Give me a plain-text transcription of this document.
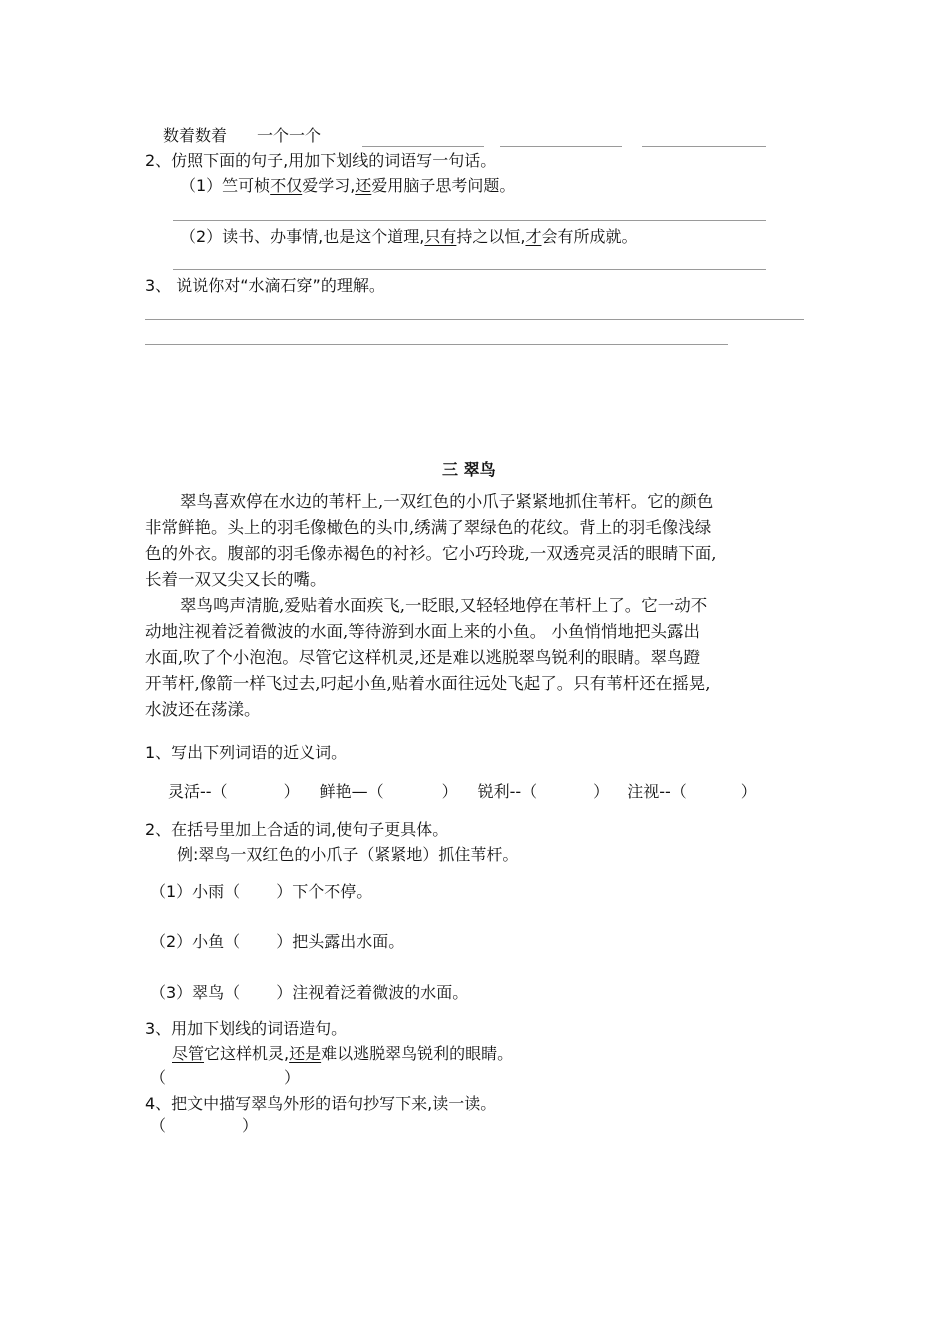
数着数着 一个一个
2、仿照下面的句子,用加下划线的词语写一句话。
（1）竺可桢不仅爱学习,还爱用脑子思考问题。
（2）读书、办事情,也是这个道理,只有持之以恒,才会有所成就。
3、 说说你对“水滴石穿”的理解。
三 翠鸟
翠鸟喜欢停在水边的苇杆上,一双红色的小爪子紧紧地抓住苇杆。它的颜色
非常鲜艳。头上的羽毛像橄色的头巾,绣满了翠绿色的花纹。背上的羽毛像浅绿
色的外衣。腹部的羽毛像赤褐色的衬衫。它小巧玲珑,一双透亮灵活的眼睛下面,
长着一双又尖又长的嘴。
翠鸟鸣声清脆,爱贴着水面疾飞,一眨眼,又轻轻地停在苇杆上了。它一动不
动地注视着泛着微波的水面,等待游到水面上来的小鱼。 小鱼悄悄地把头露出
水面,吹了个小泡泡。尽管它这样机灵,还是难以逃脱翠鸟锐利的眼睛。翠鸟蹬
开苇杆,像箭一样飞过去,叼起小鱼,贴着水面往远处飞起了。只有苇杆还在摇晃,
水波还在荡漾。
1、写出下列词语的近义词。
灵活--（	） 鲜艳—（	） 锐利--（	） 注视--（	）
2、在括号里加上合适的词,使句子更具体。
例:翠鸟一双红色的小爪子（紧紧地）抓住苇杆。
（1）小雨（ ）下个不停。
（2）小鱼（ ）把头露出水面。
（3）翠鸟（ ）注视着泛着微波的水面。
3、用加下划线的词语造句。
尽管它这样机灵,还是难以逃脱翠鸟锐利的眼睛。
（	）
4、把文中描写翠鸟外形的语句抄写下来,读一读。
（	）
